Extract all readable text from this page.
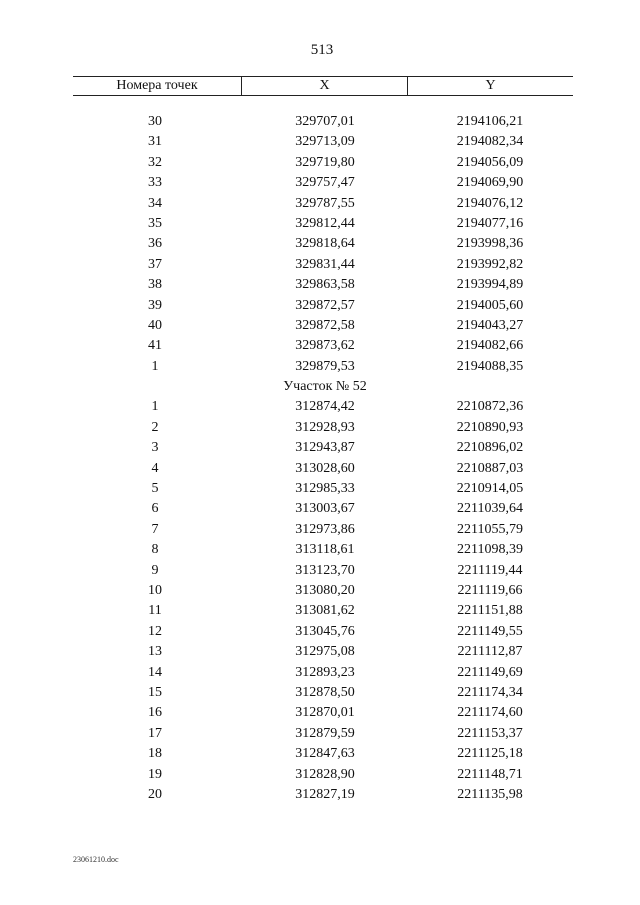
513
Номера точек	X	Y
30	329707,01	2194106,21
31	329713,09	2194082,34
32	329719,80	2194056,09
33	329757,47	2194069,90
34	329787,55	2194076,12
35	329812,44	2194077,16
36	329818,64	2193998,36
37	329831,44	2193992,82
38	329863,58	2193994,89
39	329872,57	2194005,60
40	329872,58	2194043,27
41	329873,62	2194082,66
1	329879,53	2194088,35
Участок № 52
1	312874,42	2210872,36
2	312928,93	2210890,93
3	312943,87	2210896,02
4	313028,60	2210887,03
5	312985,33	2210914,05
6	313003,67	2211039,64
7	312973,86	2211055,79
8	313118,61	2211098,39
9	313123,70	2211119,44
10	313080,20	2211119,66
11	313081,62	2211151,88
12	313045,76	2211149,55
13	312975,08	2211112,87
14	312893,23	2211149,69
15	312878,50	2211174,34
16	312870,01	2211174,60
17	312879,59	2211153,37
18	312847,63	2211125,18
19	312828,90	2211148,71
20	312827,19	2211135,98
23061210.doc
